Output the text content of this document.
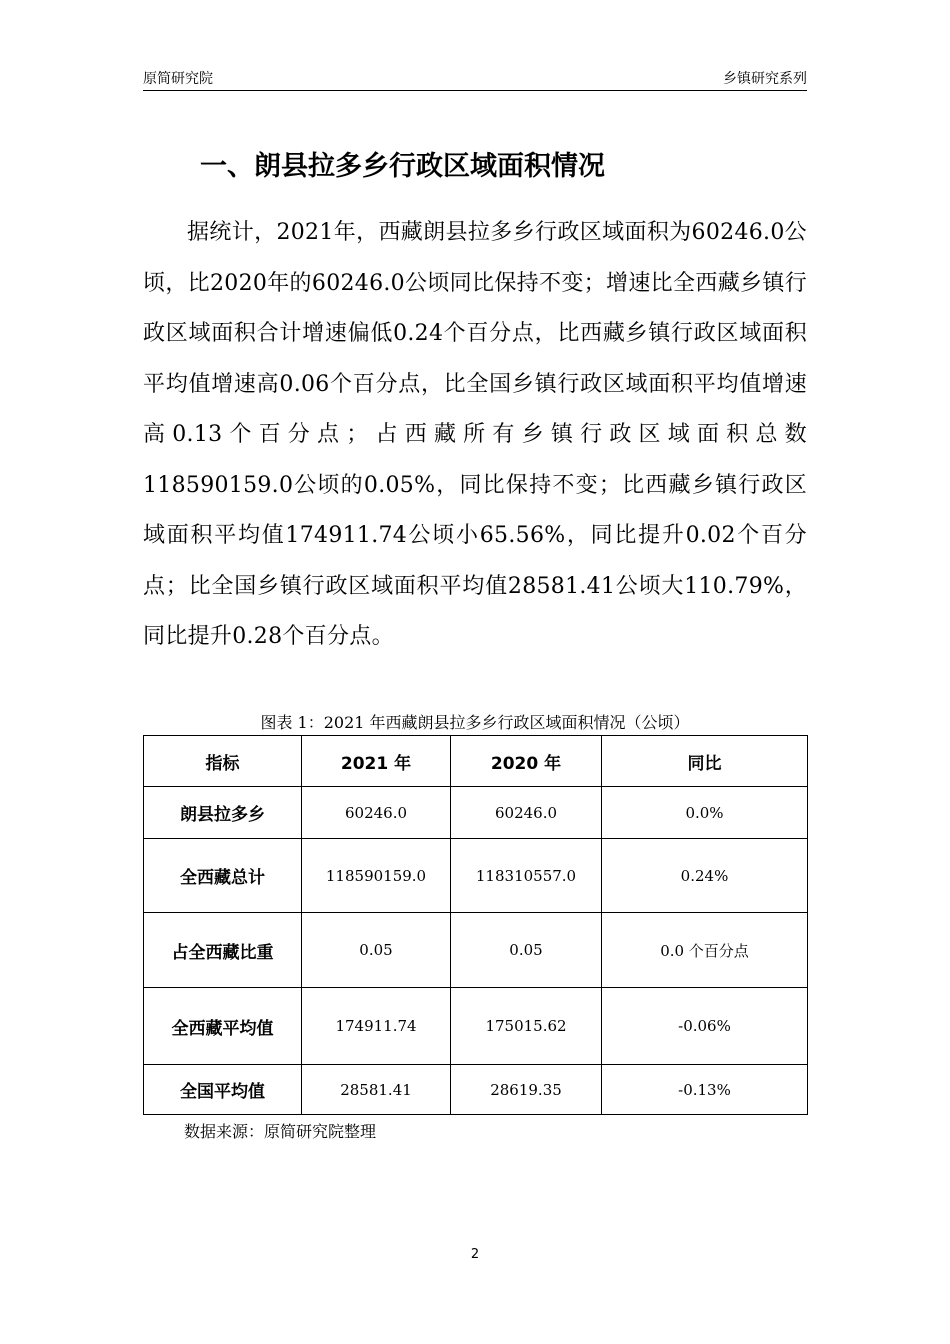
原简研究院	乡镇研究系列
一、朗县拉多乡行政区域面积情况

据统计，2021年，西藏朗县拉多乡行政区域面积为60246.0公顷，比2020年的60246.0公顷同比保持不变；增速比全西藏乡镇行政区域面积合计增速偏低0.24个百分点，比西藏乡镇行政区域面积平均值增速高0.06个百分点，比全国乡镇行政区域面积平均值增速高0.13个百分点；占西藏所有乡镇行政区域面积总数118590159.0公顷的0.05%，同比保持不变；比西藏乡镇行政区域面积平均值174911.74公顷小65.56%，同比提升0.02个百分点；比全国乡镇行政区域面积平均值28581.41公顷大110.79%，同比提升0.28个百分点。

图表 1：2021 年西藏朗县拉多乡行政区域面积情况（公顷）
指标	2021 年	2020 年	同比
朗县拉多乡	60246.0	60246.0	0.0%
全西藏总计	118590159.0	118310557.0	0.24%
占全西藏比重	0.05	0.05	0.0 个百分点
全西藏平均值	174911.74	175015.62	-0.06%
全国平均值	28581.41	28619.35	-0.13%
数据来源：原简研究院整理
2
